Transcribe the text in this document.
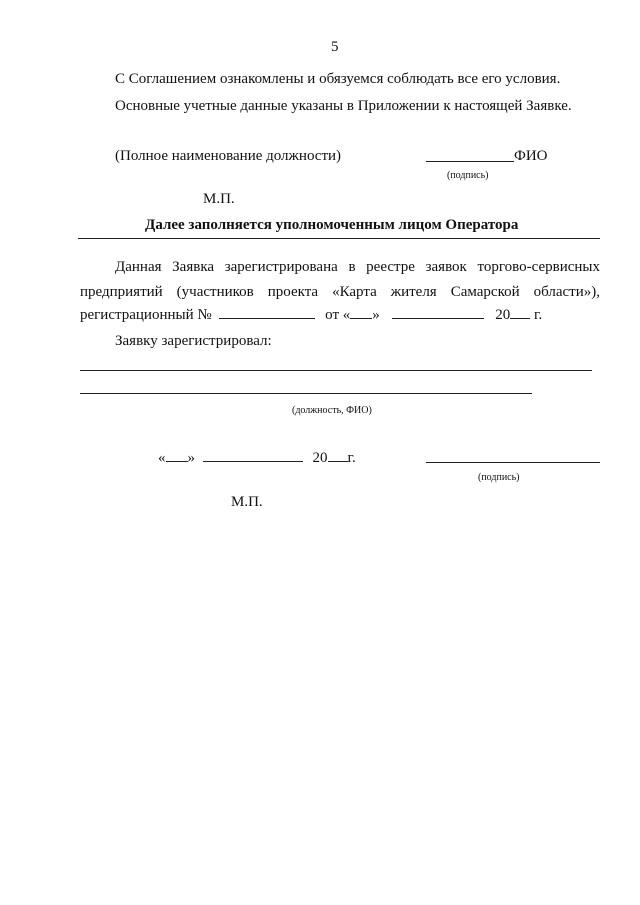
5
С Соглашением ознакомлены и обязуемся соблюдать все его условия.
Основные учетные данные указаны в Приложении к настоящей Заявке.
(Полное наименование должности)	ФИО
(подпись)
М.П.
Далее заполняется уполномоченным лицом Оператора
Данная Заявка зарегистрирована в реестре заявок торгово-сервисных
предприятий (участников проекта «Карта жителя Самарской области»),
регистрационный №	от « »	20 г.
Заявку зарегистрировал:
(должность, ФИО)
« »	20 г.
(подпись)
М.П.
